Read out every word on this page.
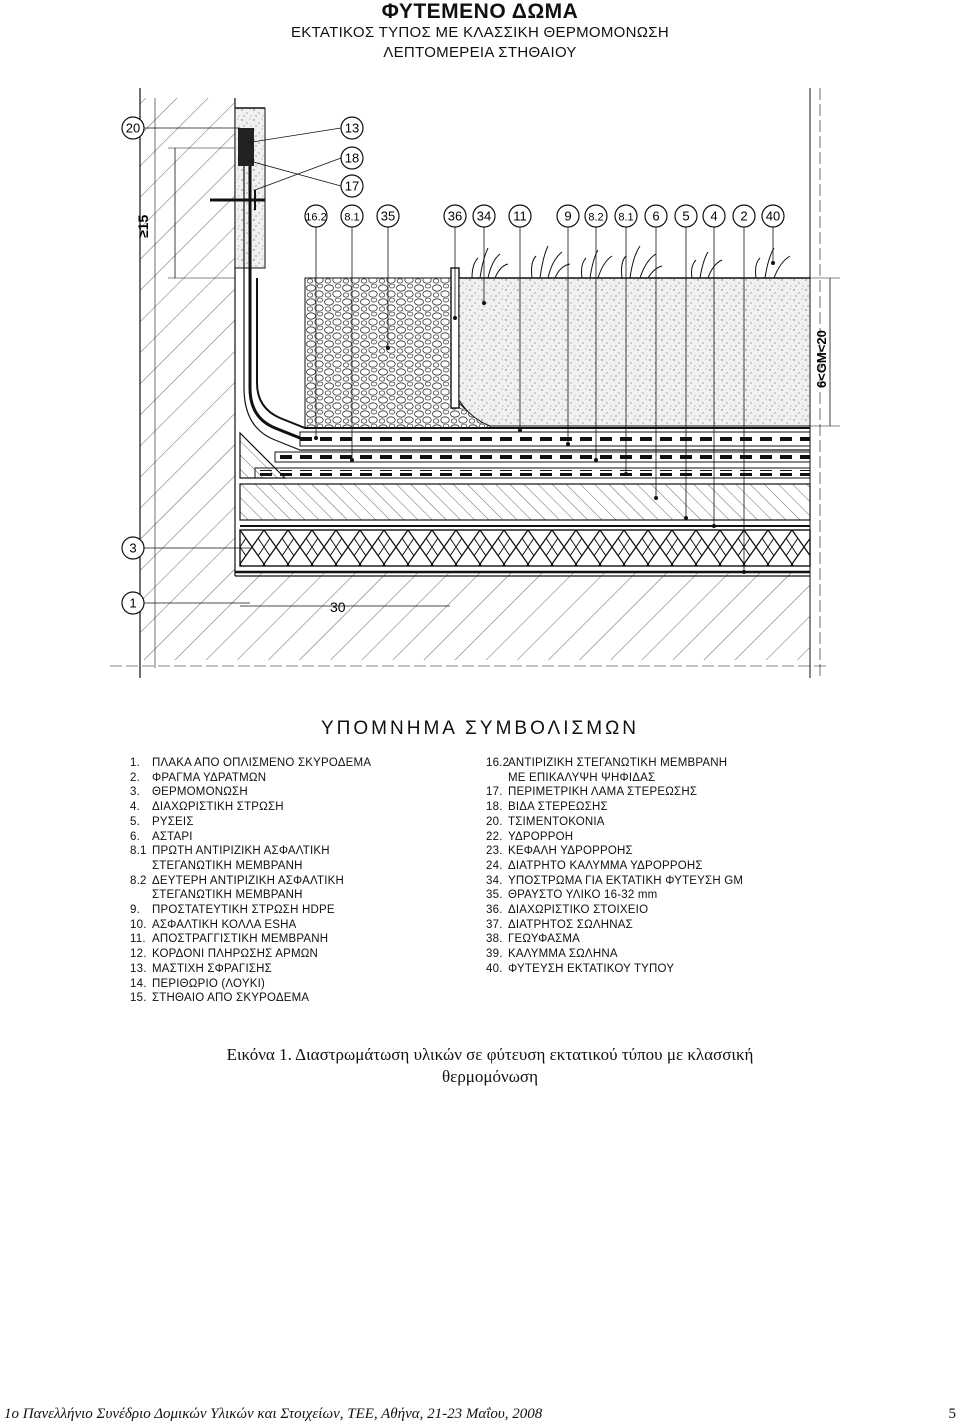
ΦΥΤΕΜΕΝΟ ΔΩΜΑ
ΕΚΤΑΤΙΚΟΣ ΤΥΠΟΣ ΜΕ ΚΛΑΣΣΙΚΗ ΘΕΡΜΟΜΟΝΩΣΗ
ΛΕΠΤΟΜΕΡΕΙΑ ΣΤΗΘΑΙΟΥ
≥15
6<GM<20
30
20
3
1
13
18
17
16.2 8.1 35	36 34 11	9 8.2 8.1 6 5 4 2 40
ΥΠΟΜΝΗΜΑ ΣΥΜΒΟΛΙΣΜΩΝ
1.	ΠΛΑΚΑ ΑΠΟ ΟΠΛΙΣΜΕΝΟ ΣΚΥΡΟΔΕΜΑ
2.	ΦΡΑΓΜΑ ΥΔΡΑΤΜΩΝ
3.	ΘΕΡΜΟΜΟΝΩΣΗ
4.	ΔΙΑΧΩΡΙΣΤΙΚΗ ΣΤΡΩΣΗ
5.	ΡΥΣΕΙΣ
6.	ΑΣΤΑΡΙ
8.1 ΠΡΩΤΗ ΑΝΤΙΡΙΖΙΚΗ ΑΣΦΑΛΤΙΚΗ
ΣΤΕΓΑΝΩΤΙΚΗ ΜΕΜΒΡΑΝΗ
8.2 ΔΕΥΤΕΡΗ ΑΝΤΙΡΙΖΙΚΗ ΑΣΦΑΛΤΙΚΗ
ΣΤΕΓΑΝΩΤΙΚΗ ΜΕΜΒΡΑΝΗ
9.	ΠΡΟΣΤΑΤΕΥΤΙΚΗ ΣΤΡΩΣΗ HDPE
10. ΑΣΦΑΛΤΙΚΗ ΚΟΛΛΑ ESHA
11. ΑΠΟΣΤΡΑΓΓΙΣΤΙΚΗ ΜΕΜΒΡΑΝΗ
12. ΚΟΡΔΟΝΙ ΠΛΗΡΩΣΗΣ ΑΡΜΩΝ
13. ΜΑΣΤΙΧΗ ΣΦΡΑΓΙΣΗΣ
14. ΠΕΡΙΘΩΡΙΟ (ΛΟΥΚΙ)
15. ΣΤΗΘΑΙΟ ΑΠΟ ΣΚΥΡΟΔΕΜΑ
16.2
ΑΝΤΙΡΙΖΙΚΗ ΣΤΕΓΑΝΩΤΙΚΗ ΜΕΜΒΡΑΝΗ
ΜΕ ΕΠΙΚΑΛΥΨΗ ΨΗΦΙΔΑΣ
17. ΠΕΡΙΜΕΤΡΙΚΗ ΛΑΜΑ ΣΤΕΡΕΩΣΗΣ
18. ΒΙΔΑ ΣΤΕΡΕΩΣΗΣ
20. ΤΣΙΜΕΝΤΟΚΟΝΙΑ
22. ΥΔΡΟΡΡΟΗ
23. ΚΕΦΑΛΗ ΥΔΡΟΡΡΟΗΣ
24. ΔΙΑΤΡΗΤΟ ΚΑΛΥΜΜΑ ΥΔΡΟΡΡΟΗΣ
34. ΥΠΟΣΤΡΩΜΑ ΓΙΑ ΕΚΤΑΤΙΚΗ ΦΥΤΕΥΣΗ GM
35. ΘΡΑΥΣΤΟ ΥΛΙΚΟ 16-32 mm
36. ΔΙΑΧΩΡΙΣΤΙΚΟ ΣΤΟΙΧΕΙΟ
37. ΔΙΑΤΡΗΤΟΣ ΣΩΛΗΝΑΣ
38. ΓΕΩΥΦΑΣΜΑ
39. ΚΑΛΥΜΜΑ ΣΩΛΗΝΑ
40. ΦΥΤΕΥΣΗ ΕΚΤΑΤΙΚΟΥ ΤΥΠΟΥ
Εικόνα 1. Διαστρωμάτωση υλικών σε φύτευση εκτατικού τύπου με κλασσική
θερμομόνωση
1ο Πανελλήνιο Συνέδριο Δομικών Υλικών και Στοιχείων, ΤΕΕ, Αθήνα, 21-23 Μαΐου, 2008	5
